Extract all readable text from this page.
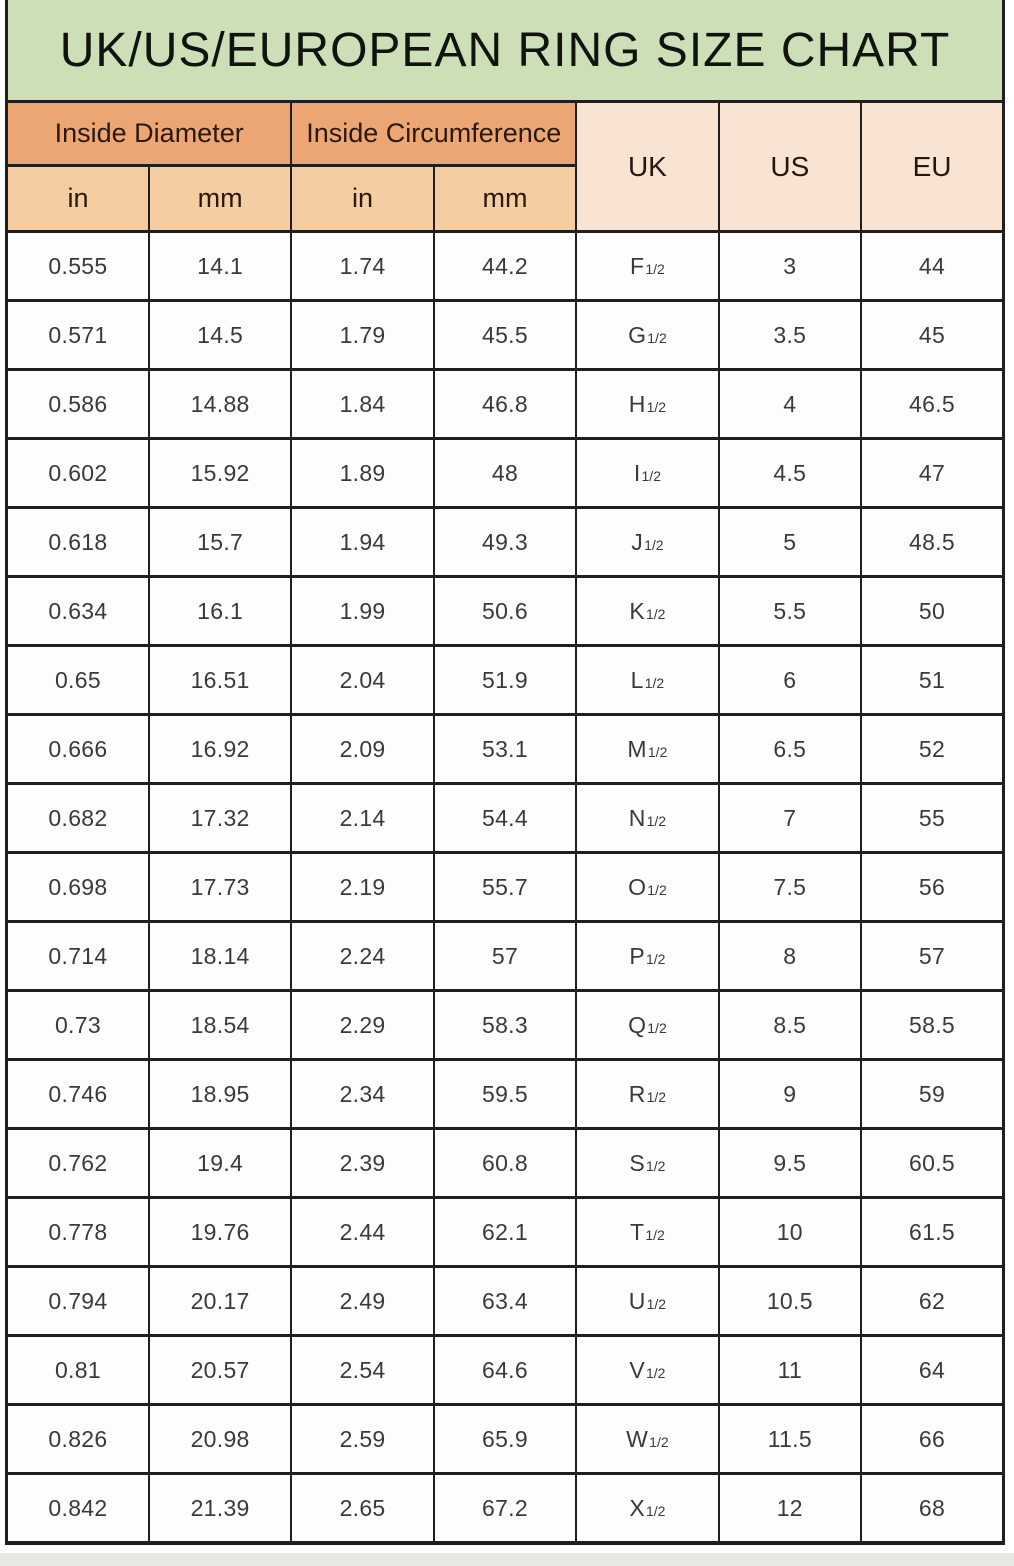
UK/US/EUROPEAN RING SIZE CHART						
Inside Diameter		Inside Circumference		UK	US	EU
in	mm	in	mm			
0.555	14.1	1.74	44.2	F1/2	3	44
0.571	14.5	1.79	45.5	G1/2	3.5	45
0.586	14.88	1.84	46.8	H1/2	4	46.5
0.602	15.92	1.89	48	I1/2	4.5	47
0.618	15.7	1.94	49.3	J1/2	5	48.5
0.634	16.1	1.99	50.6	K1/2	5.5	50
0.65	16.51	2.04	51.9	L1/2	6	51
0.666	16.92	2.09	53.1	M1/2	6.5	52
0.682	17.32	2.14	54.4	N1/2	7	55
0.698	17.73	2.19	55.7	O1/2	7.5	56
0.714	18.14	2.24	57	P1/2	8	57
0.73	18.54	2.29	58.3	Q1/2	8.5	58.5
0.746	18.95	2.34	59.5	R1/2	9	59
0.762	19.4	2.39	60.8	S1/2	9.5	60.5
0.778	19.76	2.44	62.1	T1/2	10	61.5
0.794	20.17	2.49	63.4	U1/2	10.5	62
0.81	20.57	2.54	64.6	V1/2	11	64
0.826	20.98	2.59	65.9	W1/2	11.5	66
0.842	21.39	2.65	67.2	X1/2	12	68
